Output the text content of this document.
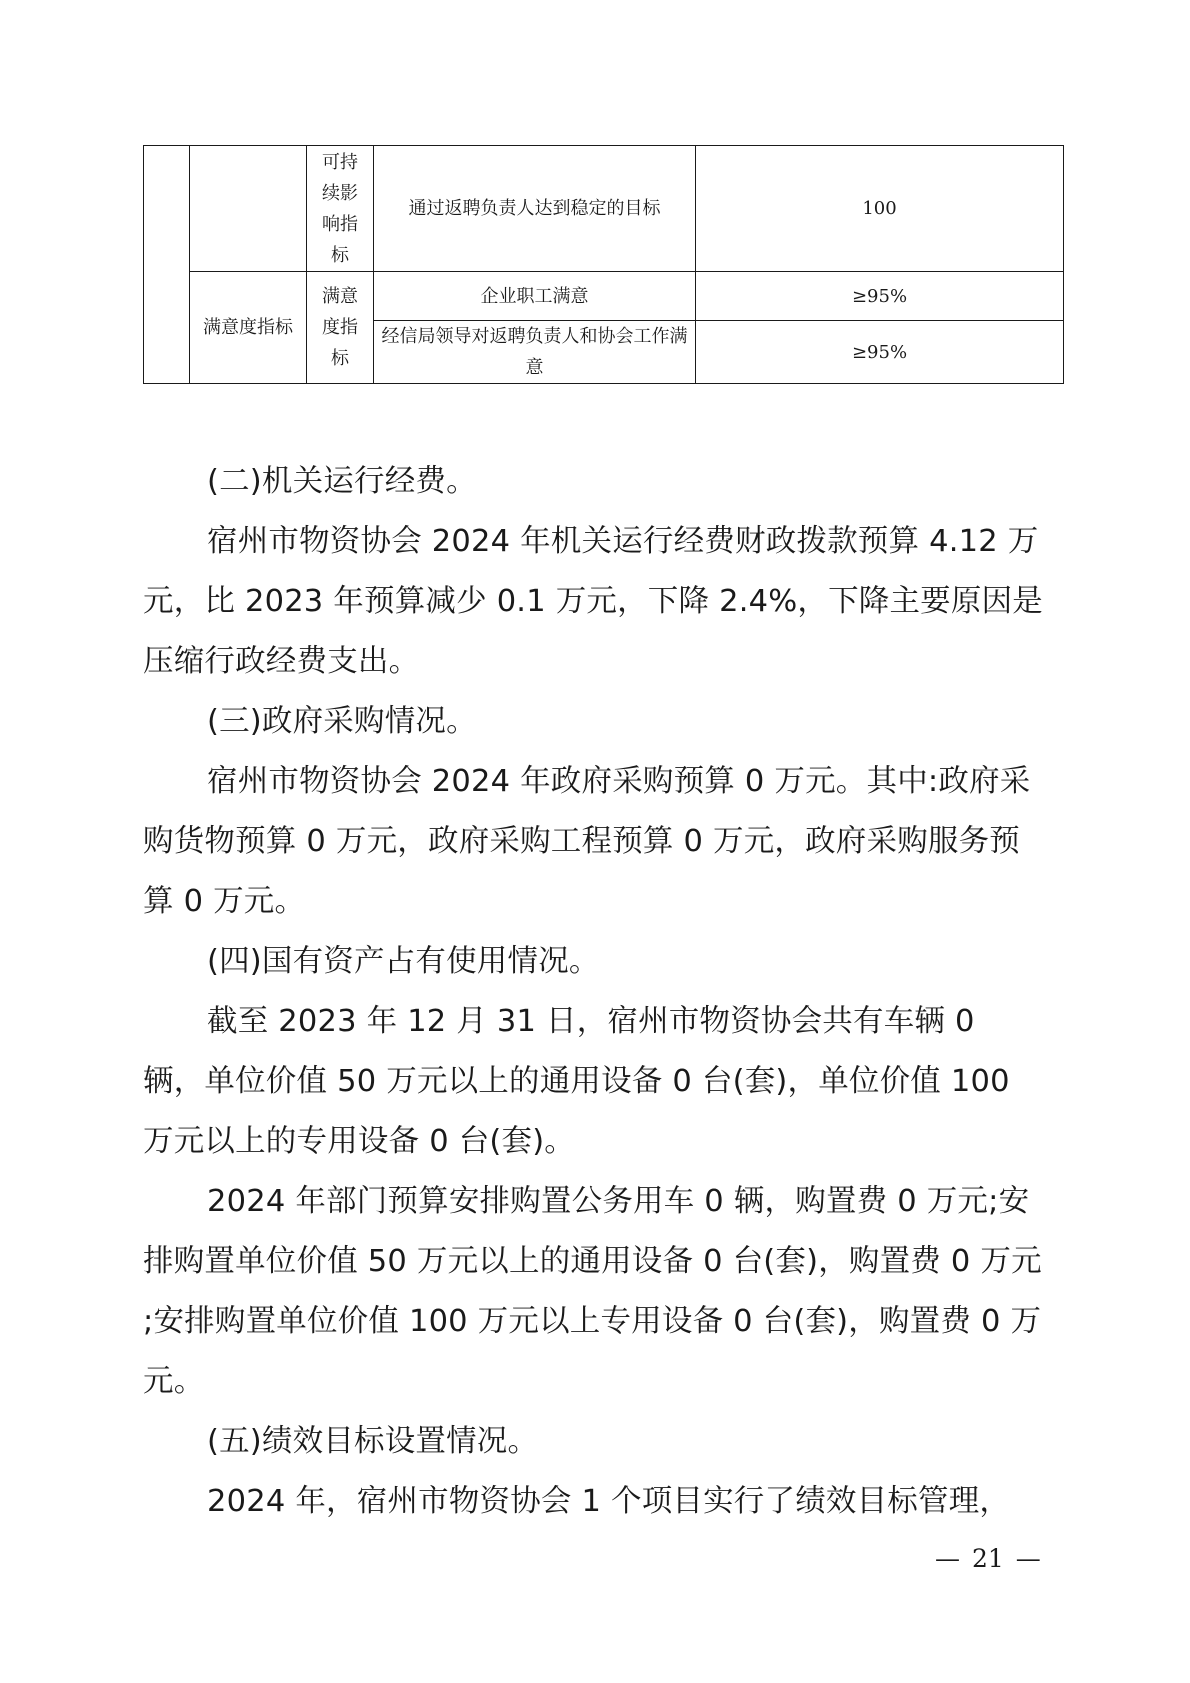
		可持续影响指标	通过返聘负责人达到稳定的目标	100
	满意度指标	满意度指标	企业职工满意	≥95%
			经信局领导对返聘负责人和协会工作满意	≥95%

(二)机关运行经费。

宿州市物资协会 2024 年机关运行经费财政拨款预算 4.12 万元，比 2023 年预算减少 0.1 万元，下降 2.4%，下降主要原因是压缩行政经费支出。

(三)政府采购情况。

宿州市物资协会 2024 年政府采购预算 0 万元。其中:政府采购货物预算 0 万元，政府采购工程预算 0 万元，政府采购服务预算 0 万元。

(四)国有资产占有使用情况。

截至 2023 年 12 月 31 日，宿州市物资协会共有车辆 0 辆，单位价值 50 万元以上的通用设备 0 台(套)，单位价值 100 万元以上的专用设备 0 台(套)。

2024 年部门预算安排购置公务用车 0 辆，购置费 0 万元;安排购置单位价值 50 万元以上的通用设备 0 台(套)，购置费 0 万元 ;安排购置单位价值 100 万元以上专用设备 0 台(套)，购置费 0 万元。

(五)绩效目标设置情况。

2024 年，宿州市物资协会 1 个项目实行了绩效目标管理，

— 21 —
